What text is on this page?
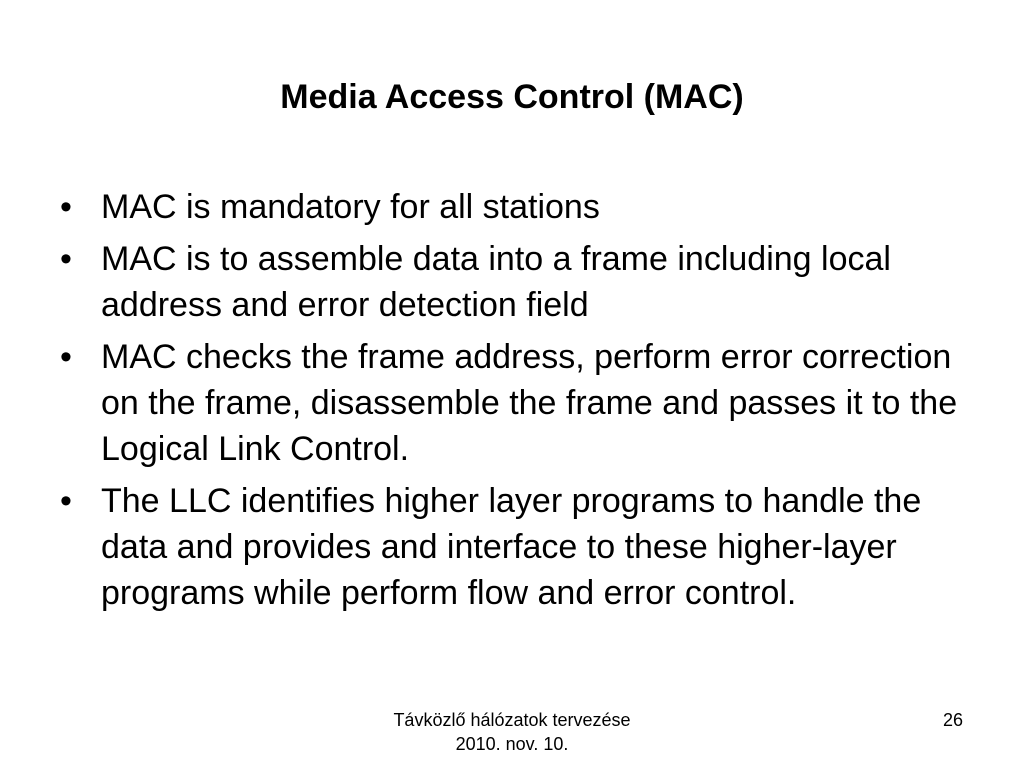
Media Access Control (MAC)
• MAC is mandatory for all stations
• MAC is to assemble data into a frame including local address and error detection field
• MAC checks the frame address, perform error correction on the frame, disassemble the frame and passes it to the Logical Link Control.
• The LLC identifies higher layer programs to handle the data and provides and interface to these higher-layer programs while perform flow and error control.
Távközlő hálózatok tervezése
2010. nov. 10.
26
